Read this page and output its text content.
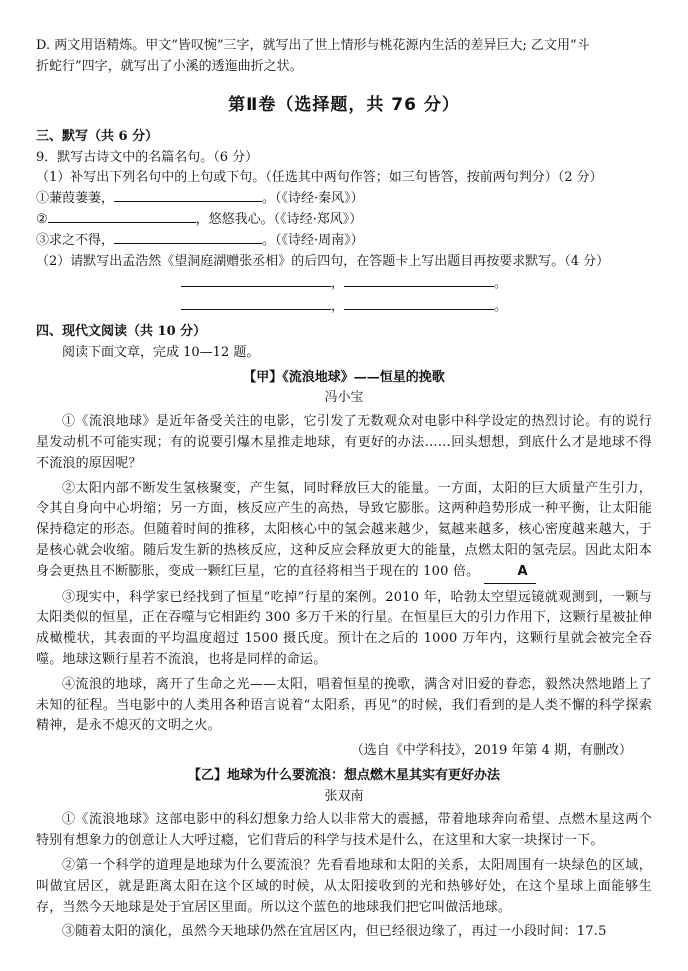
D. 两文用语精炼。甲文“皆叹惋”三字，就写出了世上情形与桃花源内生活的差异巨大; 乙文用“斗

折蛇行”四字，就写出了小溪的透迤曲折之状。

第Ⅱ卷（选择题，共 76 分）

三、默写（共 6 分）

9．默写古诗文中的名篇名句。（6 分）

（1）补写出下列名句中的上句或下句。（任选其中两句作答；如三句皆答，按前两句判分）（2 分）

①蒹葭萋萋，	。（《诗经·秦风》）

②	，悠悠我心。（《诗经·郑风》）

③求之不得，	。（《诗经·周南》）

（2）请默写出孟浩然《望洞庭湖赠张丞相》的后四句，在答题卡上写出题目再按要求默写。（4 分）

，	。
，	。

四、现代文阅读（共 10 分）

阅读下面文章，完成 10—12 题。

【甲】《流浪地球》——恒星的挽歌

冯小宝

①《流浪地球》是近年备受关注的电影，它引发了无数观众对电影中科学设定的热烈讨论。有的说行星发动机不可能实现；有的说要引爆木星推走地球，有更好的办法……回头想想，到底什么才是地球不得不流浪的原因呢？

②太阳内部不断发生氢核聚变，产生氦，同时释放巨大的能量。一方面，太阳的巨大质量产生引力，令其自身向中心坍缩；另一方面，核反应产生的高热，导致它膨胀。这两种趋势形成一种平衡，让太阳能保持稳定的形态。但随着时间的推移，太阳核心中的氢会越来越少，氦越来越多，核心密度越来越大，于是核心就会收缩。随后发生新的热核反应，这种反应会释放更大的能量，点燃太阳的氢壳层。因此太阳本身会更热且不断膨胀，变成一颗红巨星，它的直径将相当于现在的 100 倍。	A

③现实中，科学家已经找到了恒星“吃掉”行星的案例。2010 年，哈勃太空望远镜就观测到，一颗与太阳类似的恒星，正在吞噬与它相距约 300 多万千米的行星。在恒星巨大的引力作用下，这颗行星被扯伸成橄榄状，其表面的平均温度超过 1500 摄氏度。预计在之后的 1000 万年内，这颗行星就会被完全吞噬。地球这颗行星若不流浪，也将是同样的命运。

④流浪的地球，离开了生命之光——太阳，唱着恒星的挽歌，满含对旧爱的眷恋，毅然决然地踏上了未知的征程。当电影中的人类用各种语言说着“太阳系，再见”的时候，我们看到的是人类不懈的科学探索精神，是永不熄灭的文明之火。

（选自《中学科技》，2019 年第 4 期，有删改）

【乙】地球为什么要流浪：想点燃木星其实有更好办法

张双南

①《流浪地球》这部电影中的科幻想象力给人以非常大的震撼，带着地球奔向希望、点燃木星这两个特别有想象力的创意让人大呼过瘾，它们背后的科学与技术是什么，在这里和大家一块探讨一下。

②第一个科学的道理是地球为什么要流浪？先看看地球和太阳的关系，太阳周围有一块绿色的区域，叫做宜居区，就是距离太阳在这个区域的时候，从太阳接收到的光和热够好处，在这个星球上面能够生存，当然今天地球是处于宜居区里面。所以这个蓝色的地球我们把它叫做活地球。

③随着太阳的演化，虽然今天地球仍然在宜居区内，但已经很边缘了，再过一小段时间：17.5
